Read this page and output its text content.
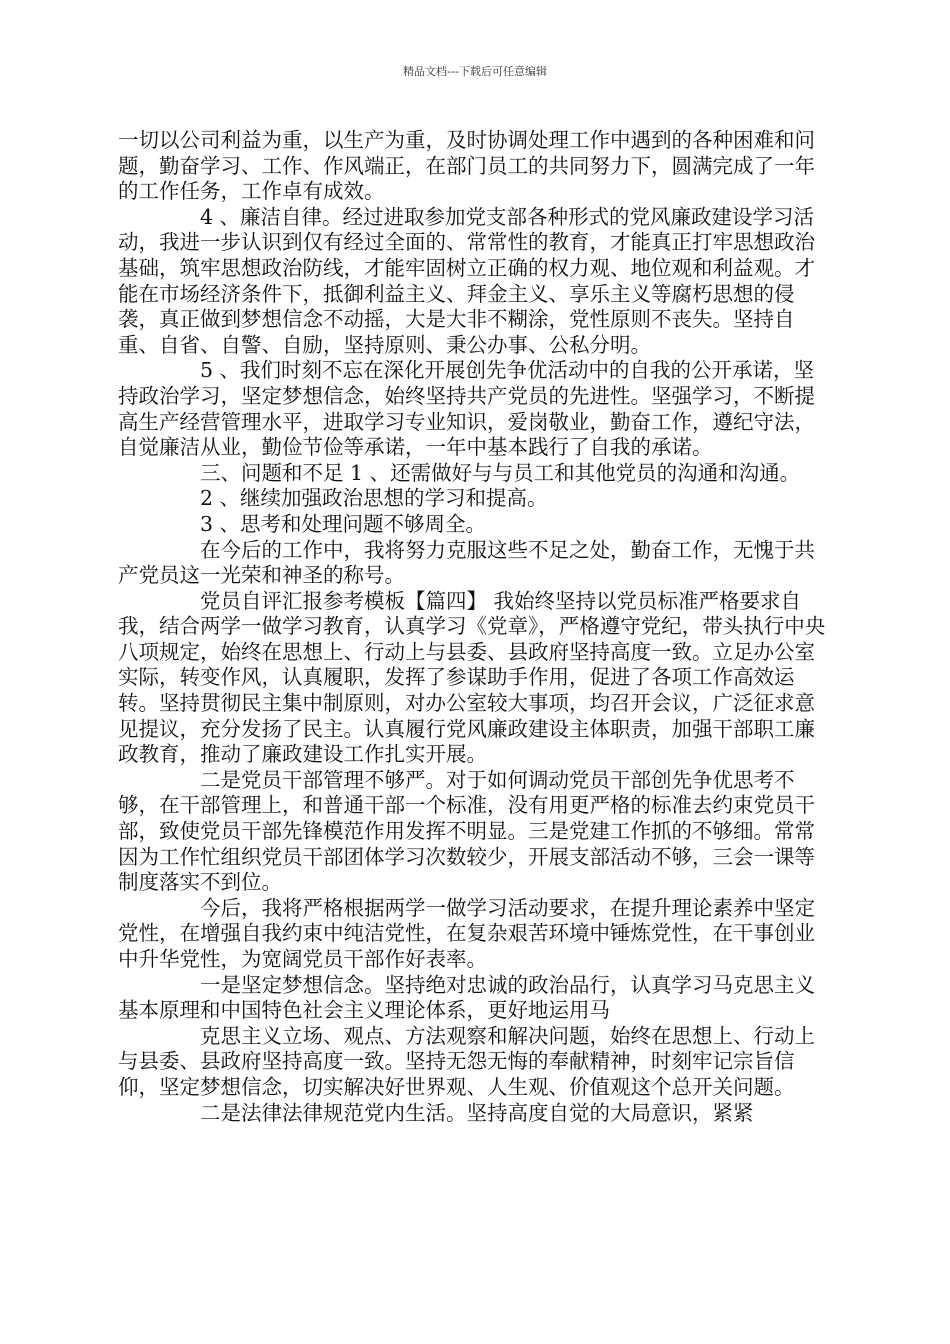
精品文档---下载后可任意编辑

一切以公司利益为重，以生产为重，及时协调处理工作中遇到的各种困难和问题，勤奋学习、工作、作风端正，在部门员工的共同努力下，圆满完成了一年的工作任务，工作卓有成效。

4 、廉洁自律。经过进取参加党支部各种形式的党风廉政建设学习活动，我进一步认识到仅有经过全面的、常常性的教育，才能真正打牢思想政治基础，筑牢思想政治防线，才能牢固树立正确的权力观、地位观和利益观。才能在市场经济条件下，抵御利益主义、拜金主义、享乐主义等腐朽思想的侵袭，真正做到梦想信念不动摇，大是大非不糊涂，党性原则不丧失。坚持自重、自省、自警、自励，坚持原则、秉公办事、公私分明。

5 、我们时刻不忘在深化开展创先争优活动中的自我的公开承诺，坚持政治学习，坚定梦想信念，始终坚持共产党员的先进性。坚强学习，不断提高生产经营管理水平，进取学习专业知识，爱岗敬业，勤奋工作，遵纪守法，自觉廉洁从业，勤俭节俭等承诺，一年中基本践行了自我的承诺。

三、问题和不足 1 、还需做好与与员工和其他党员的沟通和沟通。

2 、继续加强政治思想的学习和提高。

3 、思考和处理问题不够周全。

在今后的工作中，我将努力克服这些不足之处，勤奋工作，无愧于共产党员这一光荣和神圣的称号。

党员自评汇报参考模板【篇四】 我始终坚持以党员标准严格要求自我，结合两学一做学习教育，认真学习《党章》，严格遵守党纪，带头执行中央八项规定，始终在思想上、行动上与县委、县政府坚持高度一致。立足办公室实际，转变作风，认真履职，发挥了参谋助手作用，促进了各项工作高效运转。坚持贯彻民主集中制原则，对办公室较大事项，均召开会议，广泛征求意见提议，充分发扬了民主。认真履行党风廉政建设主体职责，加强干部职工廉政教育，推动了廉政建设工作扎实开展。

二是党员干部管理不够严。对于如何调动党员干部创先争优思考不够，在干部管理上，和普通干部一个标准，没有用更严格的标准去约束党员干部，致使党员干部先锋模范作用发挥不明显。三是党建工作抓的不够细。常常因为工作忙组织党员干部团体学习次数较少，开展支部活动不够，三会一课等制度落实不到位。

今后，我将严格根据两学一做学习活动要求，在提升理论素养中坚定党性，在增强自我约束中纯洁党性，在复杂艰苦环境中锤炼党性，在干事创业中升华党性，为宽阔党员干部作好表率。

一是坚定梦想信念。坚持绝对忠诚的政治品行，认真学习马克思主义基本原理和中国特色社会主义理论体系，更好地运用马

克思主义立场、观点、方法观察和解决问题，始终在思想上、行动上与县委、县政府坚持高度一致。坚持无怨无悔的奉献精神，时刻牢记宗旨信仰，坚定梦想信念，切实解决好世界观、人生观、价值观这个总开关问题。

二是法律法律规范党内生活。坚持高度自觉的大局意识，紧紧
